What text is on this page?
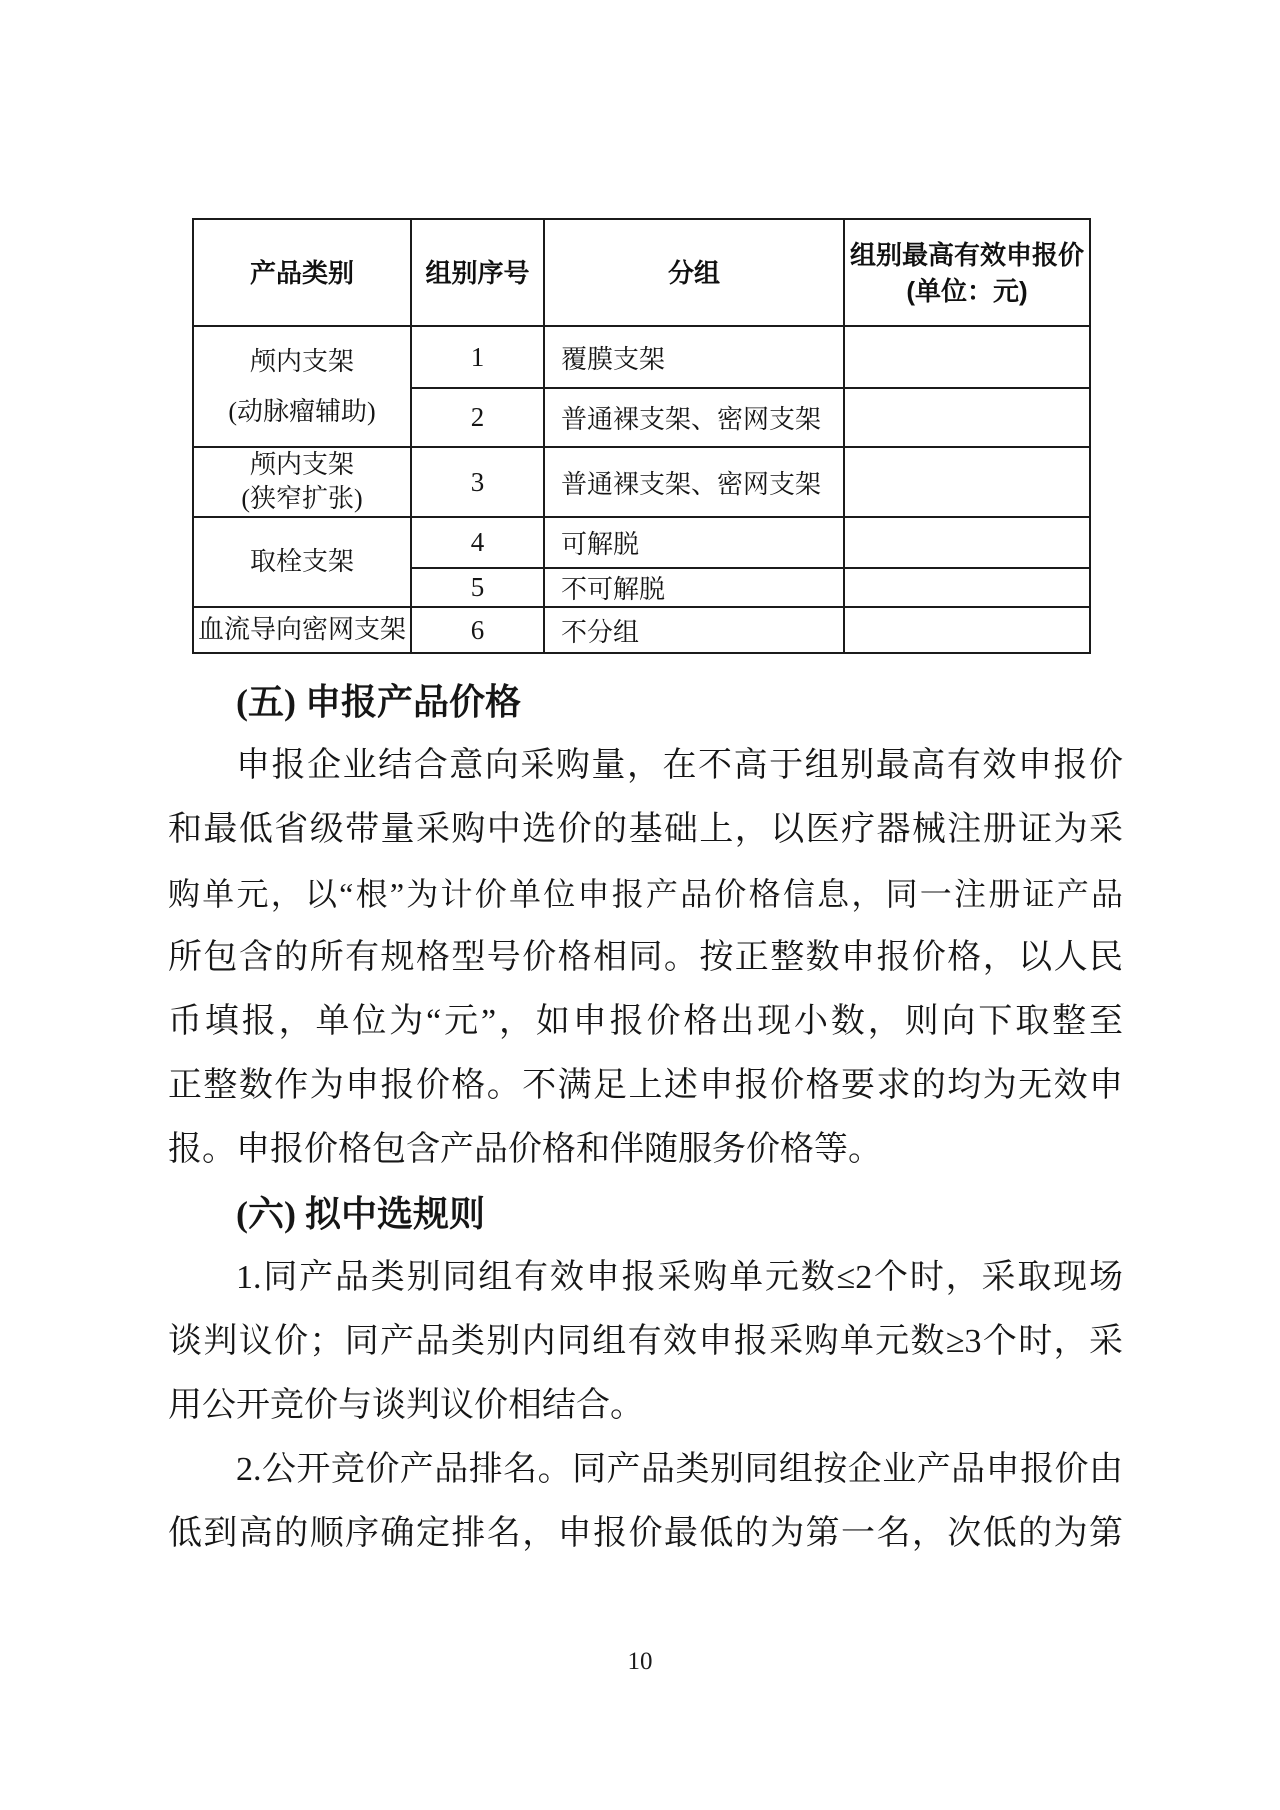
产品类别	组别序号	分组	组别最高有效申报价
(单位：元)

颅内支架
(动脉瘤辅助)	1	覆膜支架	
	2	普通裸支架、密网支架	

颅内支架
(狭窄扩张)	3	普通裸支架、密网支架	
取栓支架	4	可解脱	
	5	不可解脱	
血流导向密网支架	6	不分组	
(五) 申报产品价格
申报企业结合意向采购量，在不高于组别最高有效申报价
和最低省级带量采购中选价的基础上，以医疗器械注册证为采
购单元，以“根”为计价单位申报产品价格信息，同一注册证产品
所包含的所有规格型号价格相同。按正整数申报价格，以人民
币填报，单位为“元”，如申报价格出现小数，则向下取整至
正整数作为申报价格。不满足上述申报价格要求的均为无效申
报。申报价格包含产品价格和伴随服务价格等。
(六) 拟中选规则
1.同产品类别同组有效申报采购单元数≤2个时，采取现场
谈判议价；同产品类别内同组有效申报采购单元数≥3个时，采
用公开竞价与谈判议价相结合。
2.公开竞价产品排名。同产品类别同组按企业产品申报价由
低到高的顺序确定排名，申报价最低的为第一名，次低的为第
10
